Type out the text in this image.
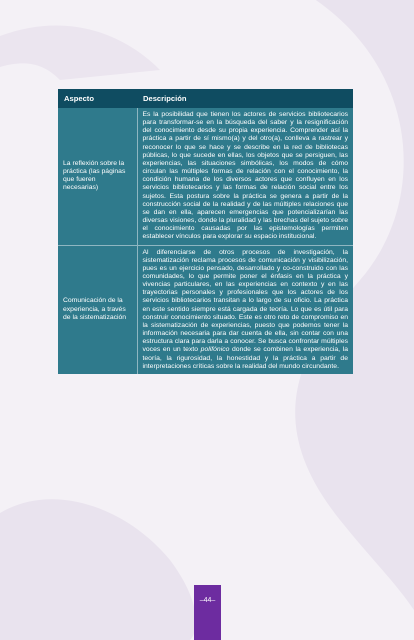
Aspecto	Descripción
La reflexión sobre la práctica (las páginas que fueren necesarias)	Es la posibilidad que tienen los actores de servicios bibliotecarios para transformar-se en la búsqueda del saber y la resignificación del conocimiento desde su propia experiencia. Comprender así la práctica a partir de sí mismo(a) y del otro(a), conlleva a rastrear y reconocer lo que se hace y se describe en la red de bibliotecas públicas, lo que sucede en ellas, los objetos que se persiguen, las experiencias, las situaciones simbólicas, los modos de cómo circulan las múltiples formas de relación con el conocimiento, la condición humana de los diversos actores que confluyen en los servicios bibliotecarios y las formas de relación social entre los sujetos. Esta postura sobre la práctica se genera a partir de la construcción social de la realidad y de las múltiples relaciones que se dan en ella, aparecen emergencias que potencializarían las diversas visiones, donde la pluralidad y las brechas del sujeto sobre el conocimiento causadas por las epistemologías permiten establecer vínculos para explorar su espacio institucional.
Comunicación de la experiencia, a través de la sistematización	Al diferenciarse de otros procesos de investigación, la sistematización reclama procesos de comunicación y visibilización, pues es un ejercicio pensado, desarrollado y co-construido con las comunidades, lo que permite poner el énfasis en la práctica y vivencias particulares, en las experiencias en contexto y en las trayectorias personales y profesionales que los actores de los servicios bibliotecarios transitan a lo largo de su oficio. La práctica en este sentido siempre está cargada de teoría. Lo que es útil para construir conocimiento situado. Este es otro reto de compromiso en la sistematización de experiencias, puesto que podemos tener la información necesaria para dar cuenta de ella, sin contar con una estructura clara para darla a conocer. Se busca confrontar múltiples voces en un texto polifónico donde se combinen la experiencia, la teoría, la rigurosidad, la honestidad y la práctica a partir de interpretaciones críticas sobre la realidad del mundo circundante.
–44–
